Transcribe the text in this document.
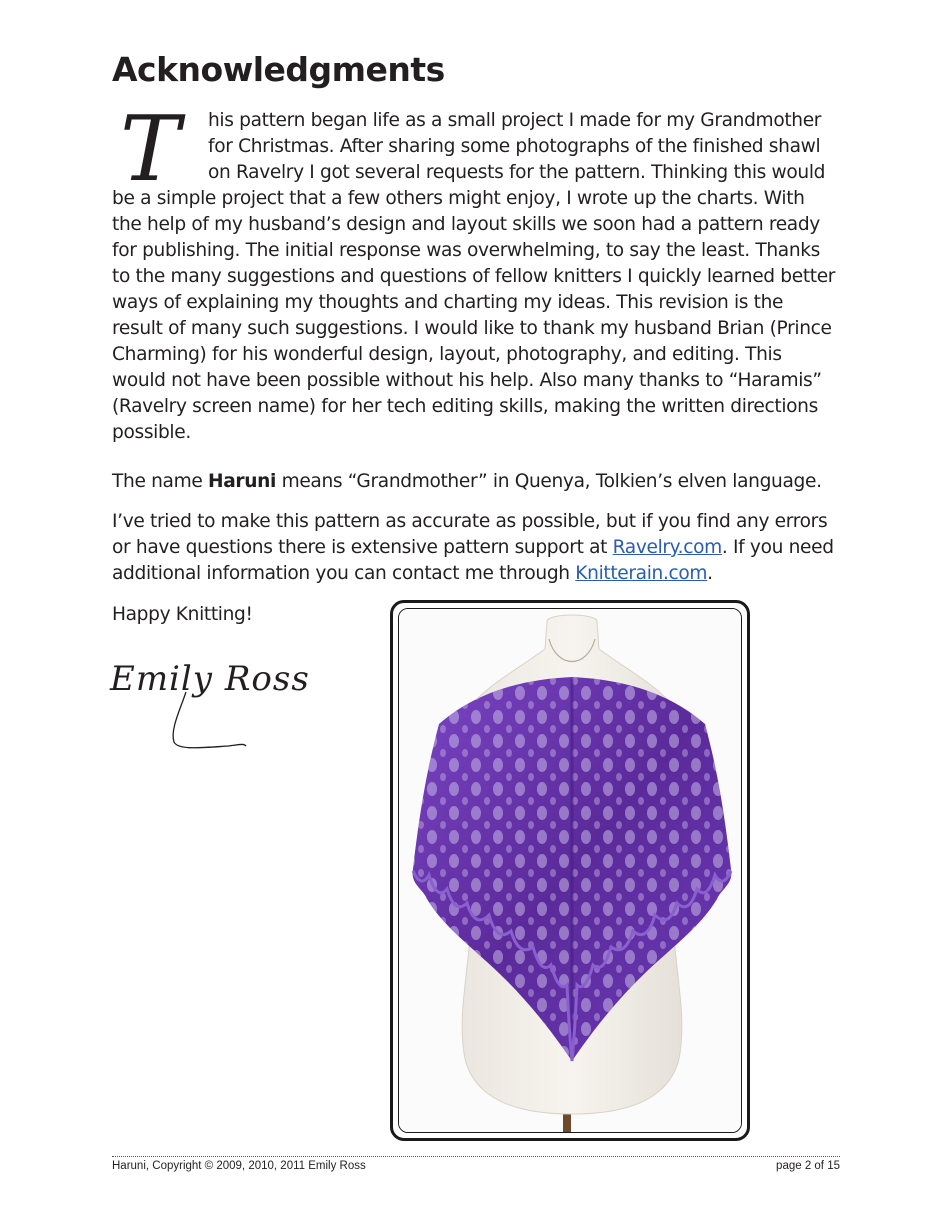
Acknowledgments

T	his pattern began life as a small project I made for my Grandmother for Christmas. After sharing some photographs of the finished shawl on Ravelry I got several requests for the pattern. Thinking this would be a simple project that a few others might enjoy, I wrote up the charts. With the help of my husband’s design and layout skills we soon had a pattern ready for publishing. The initial response was overwhelming, to say the least. Thanks to the many suggestions and questions of fellow knitters I quickly learned better ways of explaining my thoughts and charting my ideas. This revision is the result of many such suggestions. I would like to thank my husband Brian (Prince Charming) for his wonderful design, layout, photography, and editing. This would not have been possible without his help. Also many thanks to “Haramis” (Ravelry screen name) for her tech editing skills, making the written directions possible.

The name Haruni means “Grandmother” in Quenya, Tolkien’s elven language.

I’ve tried to make this pattern as accurate as possible, but if you find any errors or have questions there is extensive pattern support at Ravelry.com. If you need additional information you can contact me through Knitterain.com.

Happy Knitting!

Emily Ross
Haruni, Copyright © 2009, 2010, 2011 Emily Ross	page 2 of 15
